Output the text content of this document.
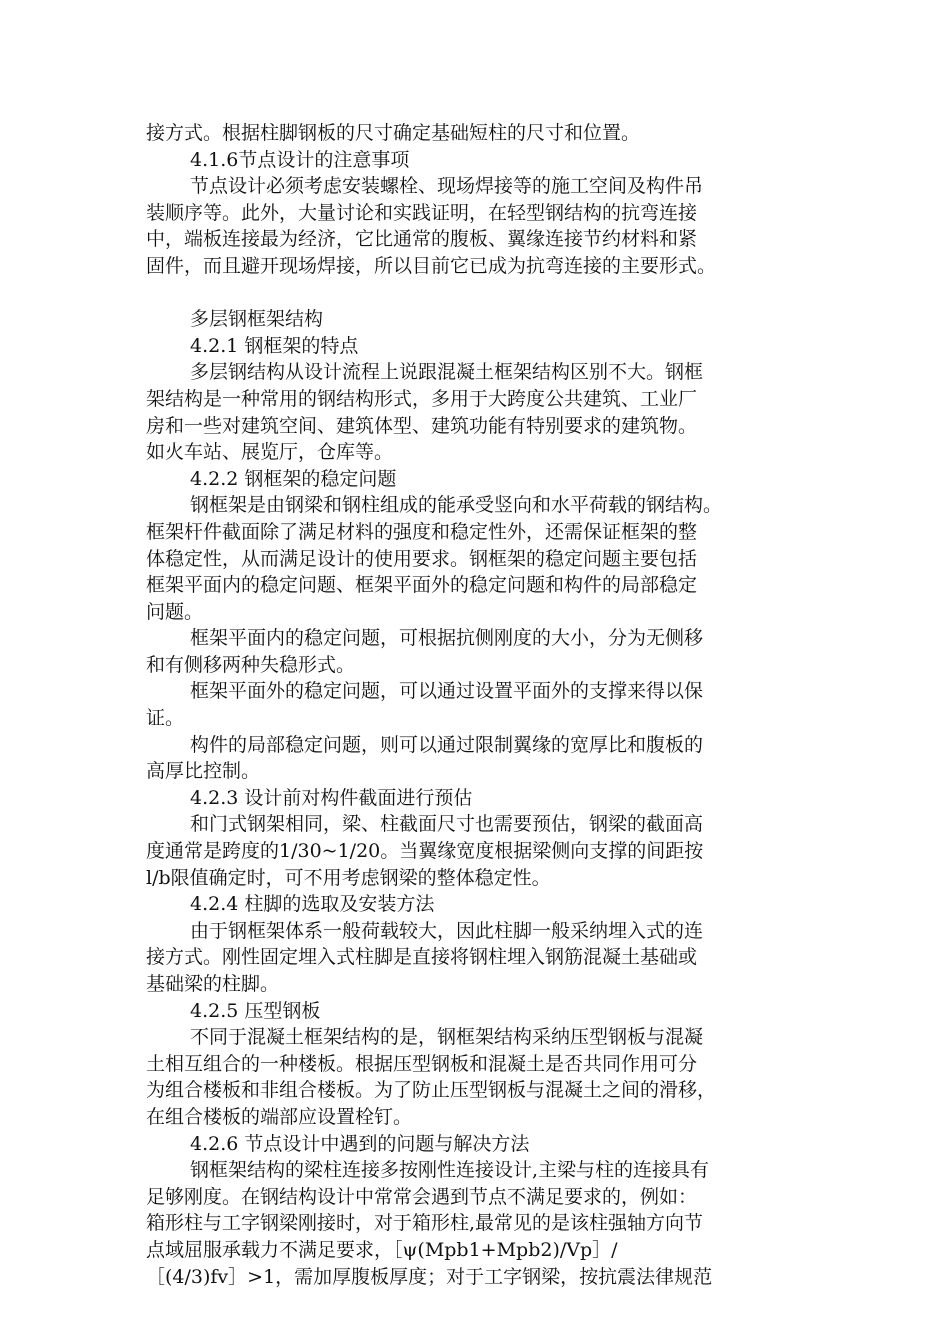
接方式。根据柱脚钢板的尺寸确定基础短柱的尺寸和位置。
4.1.6节点设计的注意事项
节点设计必须考虑安装螺栓、现场焊接等的施工空间及构件吊
装顺序等。此外，大量讨论和实践证明，在轻型钢结构的抗弯连接
中，端板连接最为经济，它比通常的腹板、翼缘连接节约材料和紧
固件，而且避开现场焊接，所以目前它已成为抗弯连接的主要形式。
多层钢框架结构
4.2.1 钢框架的特点
多层钢结构从设计流程上说跟混凝土框架结构区别不大。钢框
架结构是一种常用的钢结构形式，多用于大跨度公共建筑、工业厂
房和一些对建筑空间、建筑体型、建筑功能有特别要求的建筑物。
如火车站、展览厅，仓库等。
4.2.2 钢框架的稳定问题
钢框架是由钢梁和钢柱组成的能承受竖向和水平荷载的钢结构。
框架杆件截面除了满足材料的强度和稳定性外，还需保证框架的整
体稳定性，从而满足设计的使用要求。钢框架的稳定问题主要包括
框架平面内的稳定问题、框架平面外的稳定问题和构件的局部稳定
问题。
框架平面内的稳定问题，可根据抗侧刚度的大小，分为无侧移
和有侧移两种失稳形式。
框架平面外的稳定问题，可以通过设置平面外的支撑来得以保
证。
构件的局部稳定问题，则可以通过限制翼缘的宽厚比和腹板的
高厚比控制。
4.2.3 设计前对构件截面进行预估
和门式钢架相同，梁、柱截面尺寸也需要预估，钢梁的截面高
度通常是跨度的1/30~1/20。当翼缘宽度根据梁侧向支撑的间距按
l/b限值确定时，可不用考虑钢梁的整体稳定性。
4.2.4 柱脚的选取及安装方法
由于钢框架体系一般荷载较大，因此柱脚一般采纳埋入式的连
接方式。刚性固定埋入式柱脚是直接将钢柱埋入钢筋混凝土基础或
基础梁的柱脚。
4.2.5 压型钢板
不同于混凝土框架结构的是，钢框架结构采纳压型钢板与混凝
土相互组合的一种楼板。根据压型钢板和混凝土是否共同作用可分
为组合楼板和非组合楼板。为了防止压型钢板与混凝土之间的滑移，
在组合楼板的端部应设置栓钉。
4.2.6 节点设计中遇到的问题与解决方法
钢框架结构的梁柱连接多按刚性连接设计,主梁与柱的连接具有
足够刚度。在钢结构设计中常常会遇到节点不满足要求的，例如：
箱形柱与工字钢梁刚接时，对于箱形柱,最常见的是该柱强轴方向节
点域屈服承载力不满足要求，［ψ(Mpb1+Mpb2)/Vp］/
［(4/3)fv］>1，需加厚腹板厚度；对于工字钢梁，按抗震法律规范
